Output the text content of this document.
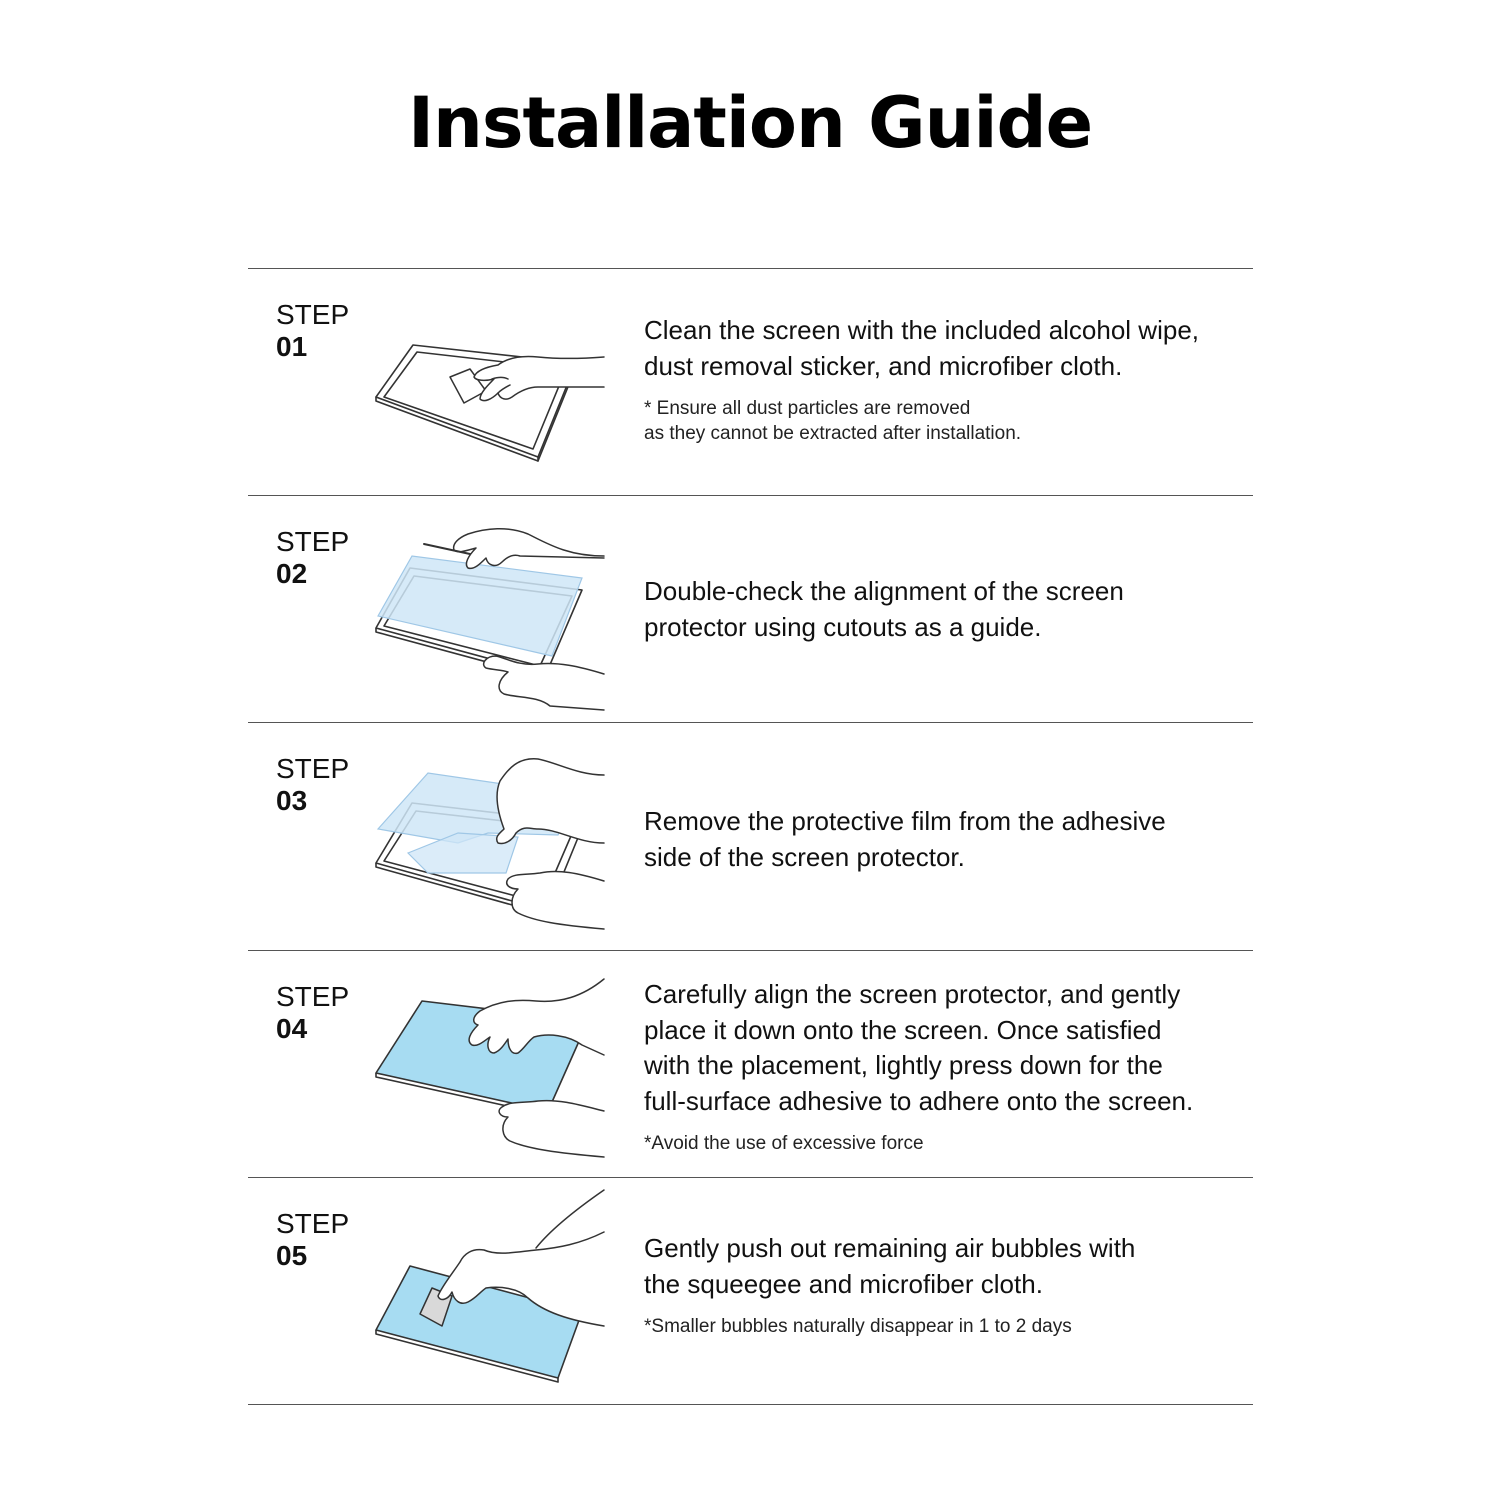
Installation Guide
STEP
01

Clean the screen with the included alcohol wipe,
dust removal sticker, and microfiber cloth.

* Ensure all dust particles are removed
as they cannot be extracted after installation.

STEP
02

Double-check the alignment of the screen
protector using cutouts as a guide.

STEP
03

Remove the protective film from the adhesive
side of the screen protector.

STEP
04

Carefully align the screen protector, and gently
place it down onto the screen. Once satisfied
with the placement, lightly press down for the
full-surface adhesive to adhere onto the screen.

*Avoid the use of excessive force

STEP
05	Gently push out remaining air bubbles with
the squeegee and microfiber cloth.

*Smaller bubbles naturally disappear in 1 to 2 days
